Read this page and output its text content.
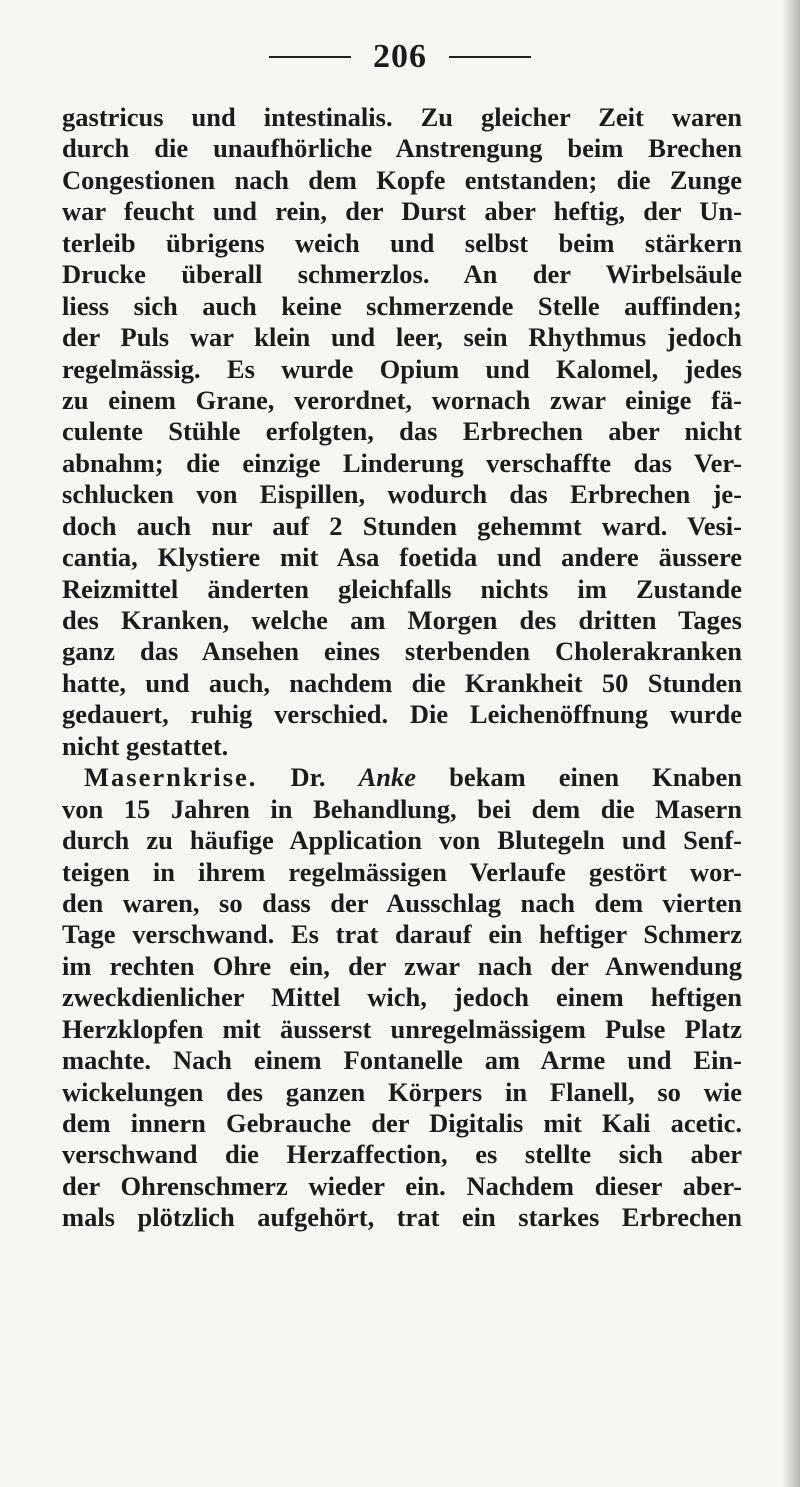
206
gastricus und intestinalis. Zu gleicher Zeit waren
durch die unaufhörliche Anstrengung beim Brechen
Congestionen nach dem Kopfe entstanden; die Zunge
war feucht und rein, der Durst aber heftig, der Un-
terleib übrigens weich und selbst beim stärkern
Drucke überall schmerzlos. An der Wirbelsäule
liess sich auch keine schmerzende Stelle auffinden;
der Puls war klein und leer, sein Rhythmus jedoch
regelmässig. Es wurde Opium und Kalomel, jedes
zu einem Grane, verordnet, wornach zwar einige fä-
culente Stühle erfolgten, das Erbrechen aber nicht
abnahm; die einzige Linderung verschaffte das Ver-
schlucken von Eispillen, wodurch das Erbrechen je-
doch auch nur auf 2 Stunden gehemmt ward. Vesi-
cantia, Klystiere mit Asa foetida und andere äussere
Reizmittel änderten gleichfalls nichts im Zustande
des Kranken, welche am Morgen des dritten Tages
ganz das Ansehen eines sterbenden Cholerakranken
hatte, und auch, nachdem die Krankheit 50 Stunden
gedauert, ruhig verschied. Die Leichenöffnung wurde
nicht gestattet.
Masernkrise. Dr. Anke bekam einen Knaben
von 15 Jahren in Behandlung, bei dem die Masern
durch zu häufige Application von Blutegeln und Senf-
teigen in ihrem regelmässigen Verlaufe gestört wor-
den waren, so dass der Ausschlag nach dem vierten
Tage verschwand. Es trat darauf ein heftiger Schmerz
im rechten Ohre ein, der zwar nach der Anwendung
zweckdienlicher Mittel wich, jedoch einem heftigen
Herzklopfen mit äusserst unregelmässigem Pulse Platz
machte. Nach einem Fontanelle am Arme und Ein-
wickelungen des ganzen Körpers in Flanell, so wie
dem innern Gebrauche der Digitalis mit Kali acetic.
verschwand die Herzaffection, es stellte sich aber
der Ohrenschmerz wieder ein. Nachdem dieser aber-
mals plötzlich aufgehört, trat ein starkes Erbrechen
